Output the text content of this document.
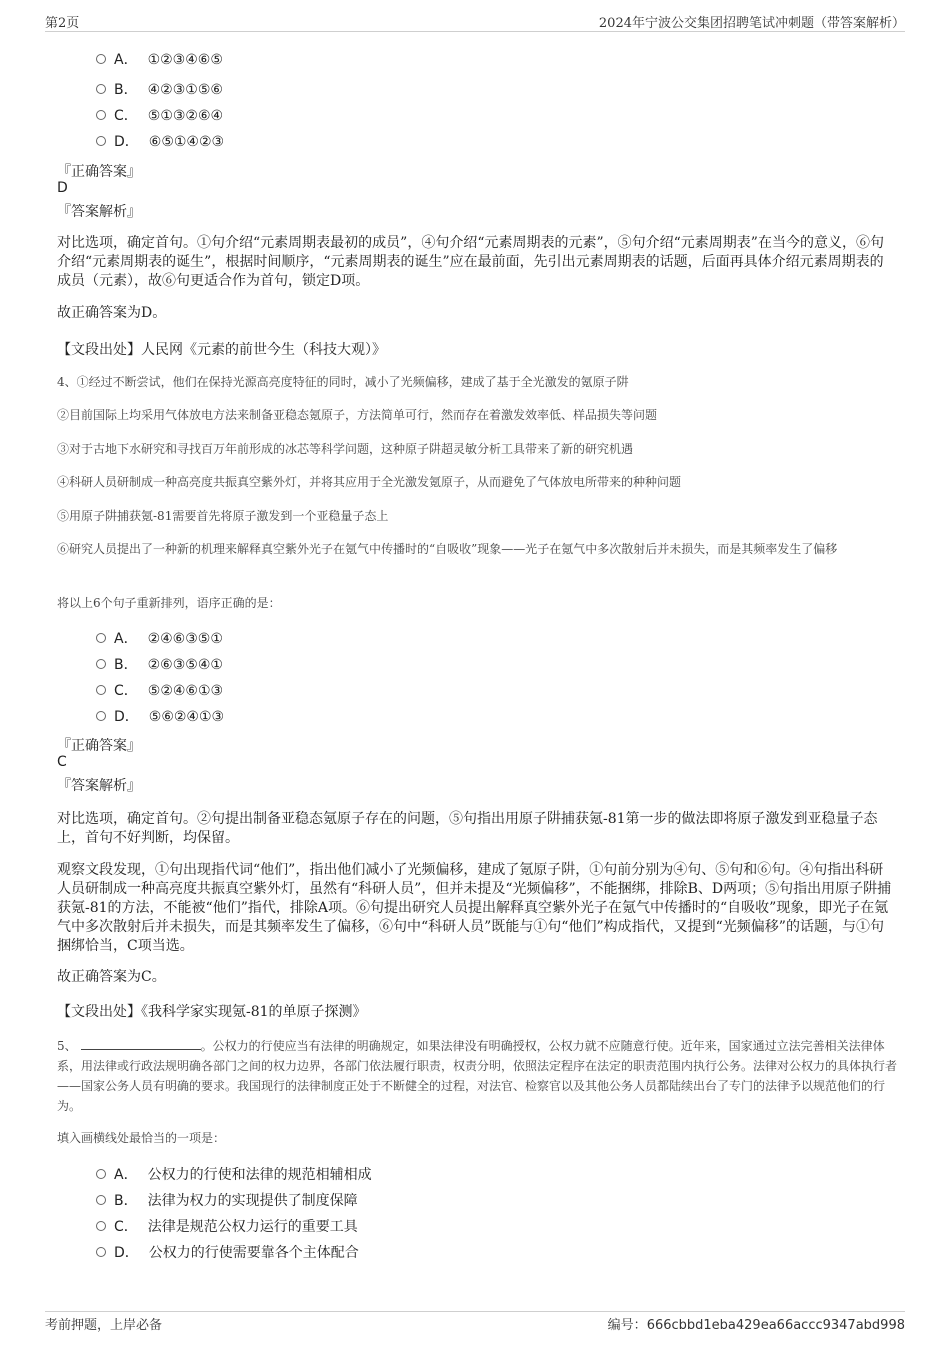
第2页	2024年宁波公交集团招聘笔试冲刺题（带答案解析）
A． ①②③④⑥⑤
B． ④②③①⑤⑥
C． ⑤①③②⑥④
D． ⑥⑤①④②③
『正确答案』
D
『答案解析』
对比选项，确定首句。①句介绍“元素周期表最初的成员”，④句介绍“元素周期表的元素”，⑤句介绍“元素周期表”在当今的意义，⑥句介绍“元素周期表的诞生”，根据时间顺序，“元素周期表的诞生”应在最前面，先引出元素周期表的话题，后面再具体介绍元素周期表的成员（元素），故⑥句更适合作为首句，锁定D项。
故正确答案为D。
【文段出处】人民网《元素的前世今生（科技大观）》
4、①经过不断尝试，他们在保持光源高亮度特征的同时，减小了光频偏移，建成了基于全光激发的氪原子阱
②目前国际上均采用气体放电方法来制备亚稳态氪原子，方法简单可行，然而存在着激发效率低、样品损失等问题
③对于古地下水研究和寻找百万年前形成的冰芯等科学问题，这种原子阱超灵敏分析工具带来了新的研究机遇
④科研人员研制成一种高亮度共振真空紫外灯，并将其应用于全光激发氪原子，从而避免了气体放电所带来的种种问题
⑤用原子阱捕获氪-81需要首先将原子激发到一个亚稳量子态上
⑥研究人员提出了一种新的机理来解释真空紫外光子在氪气中传播时的“自吸收”现象——光子在氪气中多次散射后并未损失，而是其频率发生了偏移
将以上6个句子重新排列，语序正确的是：
A． ②④⑥③⑤①
B． ②⑥③⑤④①
C． ⑤②④⑥①③
D． ⑤⑥②④①③
『正确答案』
C
『答案解析』
对比选项，确定首句。②句提出制备亚稳态氪原子存在的问题，⑤句指出用原子阱捕获氪-81第一步的做法即将原子激发到亚稳量子态上，首句不好判断，均保留。
观察文段发现，①句出现指代词“他们”，指出他们减小了光频偏移，建成了氪原子阱，①句前分别为④句、⑤句和⑥句。④句指出科研人员研制成一种高亮度共振真空紫外灯，虽然有“科研人员”，但并未提及“光频偏移”，不能捆绑，排除B、D两项；⑤句指出用原子阱捕获氪-81的方法，不能被“他们”指代，排除A项。⑥句提出研究人员提出解释真空紫外光子在氪气中传播时的“自吸收”现象，即光子在氪气中多次散射后并未损失，而是其频率发生了偏移，⑥句中“科研人员”既能与①句“他们”构成指代，又提到“光频偏移”的话题，与①句捆绑恰当，C项当选。
故正确答案为C。
【文段出处】《我科学家实现氪-81的单原子探测》
5、	。公权力的行使应当有法律的明确规定，如果法律没有明确授权，公权力就不应随意行使。近年来，国家通过立法完善相关法律体系，用法律或行政法规明确各部门之间的权力边界，各部门依法履行职责，权责分明，依照法定程序在法定的职责范围内执行公务。法律对公权力的具体执行者——国家公务人员有明确的要求。我国现行的法律制度正处于不断健全的过程，对法官、检察官以及其他公务人员都陆续出台了专门的法律予以规范他们的行为。
填入画横线处最恰当的一项是：
A． 公权力的行使和法律的规范相辅相成
B． 法律为权力的实现提供了制度保障
C． 法律是规范公权力运行的重要工具
D． 公权力的行使需要靠各个主体配合
考前押题，上岸必备	编号：666cbbd1eba429ea66accc9347abd998
